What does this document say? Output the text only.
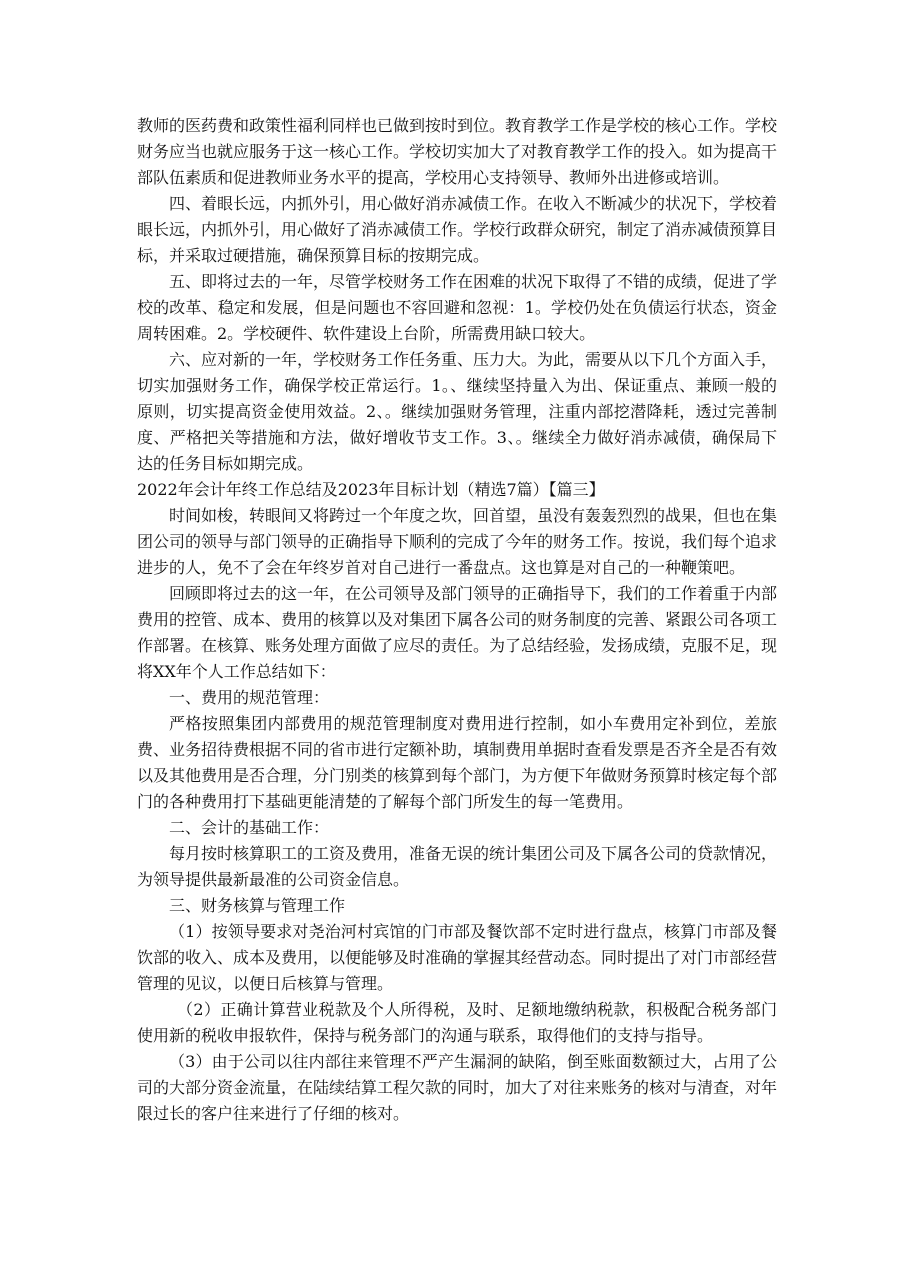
教师的医药费和政策性福利同样也已做到按时到位。教育教学工作是学校的核心工作。学校财务应当也就应服务于这一核心工作。学校切实加大了对教育教学工作的投入。如为提高干部队伍素质和促进教师业务水平的提高，学校用心支持领导、教师外出进修或培训。

四、着眼长远，内抓外引，用心做好消赤减债工作。在收入不断减少的状况下，学校着眼长远，内抓外引，用心做好了消赤减债工作。学校行政群众研究，制定了消赤减债预算目标，并采取过硬措施，确保预算目标的按期完成。

五、即将过去的一年，尽管学校财务工作在困难的状况下取得了不错的成绩，促进了学校的改革、稳定和发展，但是问题也不容回避和忽视：1。学校仍处在负债运行状态，资金周转困难。2。学校硬件、软件建设上台阶，所需费用缺口较大。

六、应对新的一年，学校财务工作任务重、压力大。为此，需要从以下几个方面入手，切实加强财务工作，确保学校正常运行。1。、继续坚持量入为出、保证重点、兼顾一般的原则，切实提高资金使用效益。2、。继续加强财务管理，注重内部挖潜降耗，透过完善制度、严格把关等措施和方法，做好增收节支工作。3、。继续全力做好消赤减债，确保局下达的任务目标如期完成。

2022年会计年终工作总结及2023年目标计划（精选7篇）【篇三】

时间如梭，转眼间又将跨过一个年度之坎，回首望，虽没有轰轰烈烈的战果，但也在集团公司的领导与部门领导的正确指导下顺利的完成了今年的财务工作。按说，我们每个追求进步的人，免不了会在年终岁首对自己进行一番盘点。这也算是对自己的一种鞭策吧。

回顾即将过去的这一年，在公司领导及部门领导的正确指导下，我们的工作着重于内部费用的控管、成本、费用的核算以及对集团下属各公司的财务制度的完善、紧跟公司各项工作部署。在核算、账务处理方面做了应尽的责任。为了总结经验，发扬成绩，克服不足，现将XX年个人工作总结如下：

一、费用的规范管理：

严格按照集团内部费用的规范管理制度对费用进行控制，如小车费用定补到位，差旅费、业务招待费根据不同的省市进行定额补助，填制费用单据时查看发票是否齐全是否有效以及其他费用是否合理，分门别类的核算到每个部门，为方便下年做财务预算时核定每个部门的各种费用打下基础更能清楚的了解每个部门所发生的每一笔费用。

二、会计的基础工作：

每月按时核算职工的工资及费用，准备无误的统计集团公司及下属各公司的贷款情况，为领导提供最新最准的公司资金信息。

三、财务核算与管理工作

（1）按领导要求对尧治河村宾馆的门市部及餐饮部不定时进行盘点，核算门市部及餐饮部的收入、成本及费用，以便能够及时准确的掌握其经营动态。同时提出了对门市部经营管理的见议，以便日后核算与管理。

（2）正确计算营业税款及个人所得税，及时、足额地缴纳税款，积极配合税务部门使用新的税收申报软件，保持与税务部门的沟通与联系，取得他们的支持与指导。

（3）由于公司以往内部往来管理不严产生漏洞的缺陷，倒至账面数额过大，占用了公司的大部分资金流量，在陆续结算工程欠款的同时，加大了对往来账务的核对与清查，对年限过长的客户往来进行了仔细的核对。
